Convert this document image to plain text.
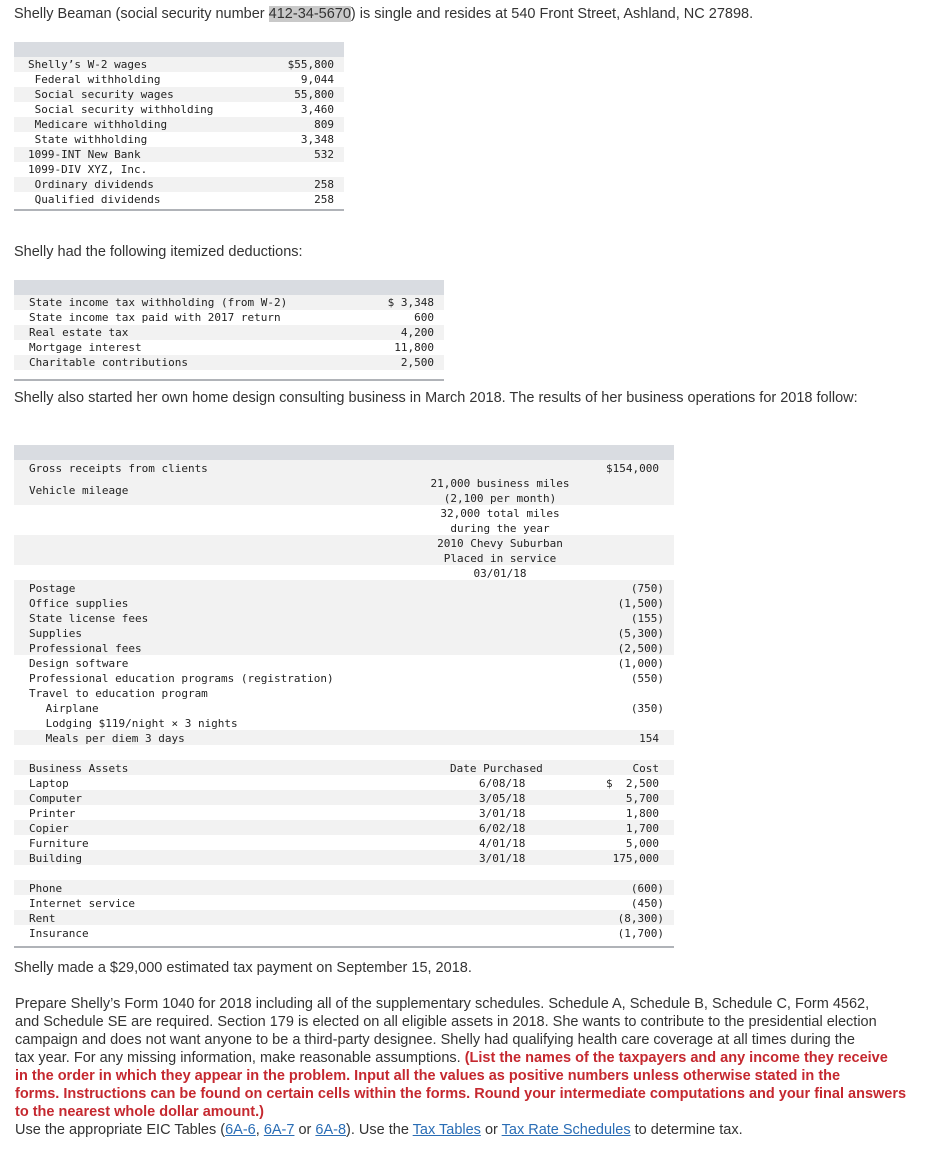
Shelly Beaman (social security number 412-34-5670) is single and resides at 540 Front Street, Ashland, NC 27898.
Shelly’s W-2 wages	$55,800
Federal withholding	9,044
Social security wages	55,800
Social security withholding	3,460
Medicare withholding	809
State withholding	3,348
1099-INT New Bank	532
1099-DIV XYZ, Inc.
Ordinary dividends	258
Qualified dividends	258
Shelly had the following itemized deductions:
State income tax withholding (from W-2)	$ 3,348
State income tax paid with 2017 return	600
Real estate tax	4,200
Mortgage interest	11,800
Charitable contributions	2,500
Shelly also started her own home design consulting business in March 2018. The results of her business operations for 2018 follow:
Gross receipts from clients	$154,000
Vehicle mileage
21,000 business miles
(2,100 per month)
32,000 total miles
during the year
2010 Chevy Suburban
Placed in service
03/01/18
Postage	(750)
Office supplies	(1,500)
State license fees	(155)
Supplies	(5,300)
Professional fees	(2,500)
Design software	(1,000)
Professional education programs (registration)	(550)
Travel to education program
Airplane	(350)
Lodging $119/night × 3 nights
Meals per diem 3 days	154
Business Assets	Date Purchased	Cost
Laptop	6/08/18	$  2,500
Computer	3/05/18	5,700
Printer	3/01/18	1,800
Copier	6/02/18	1,700
Furniture	4/01/18	5,000
Building	3/01/18	175,000
Phone	(600)
Internet service	(450)
Rent	(8,300)
Insurance	(1,700)
Shelly made a $29,000 estimated tax payment on September 15, 2018.
Prepare Shelly’s Form 1040 for 2018 including all of the supplementary schedules. Schedule A, Schedule B, Schedule C, Form 4562,
and Schedule SE are required. Section 179 is elected on all eligible assets in 2018. She wants to contribute to the presidential election
campaign and does not want anyone to be a third-party designee. Shelly had qualifying health care coverage at all times during the
tax year. For any missing information, make reasonable assumptions. (List the names of the taxpayers and any income they receive
in the order in which they appear in the problem. Input all the values as positive numbers unless otherwise stated in the
forms. Instructions can be found on certain cells within the forms. Round your intermediate computations and your final answers
to the nearest whole dollar amount.)
Use the appropriate EIC Tables (6A-6, 6A-7 or 6A-8). Use the Tax Tables or Tax Rate Schedules to determine tax.
